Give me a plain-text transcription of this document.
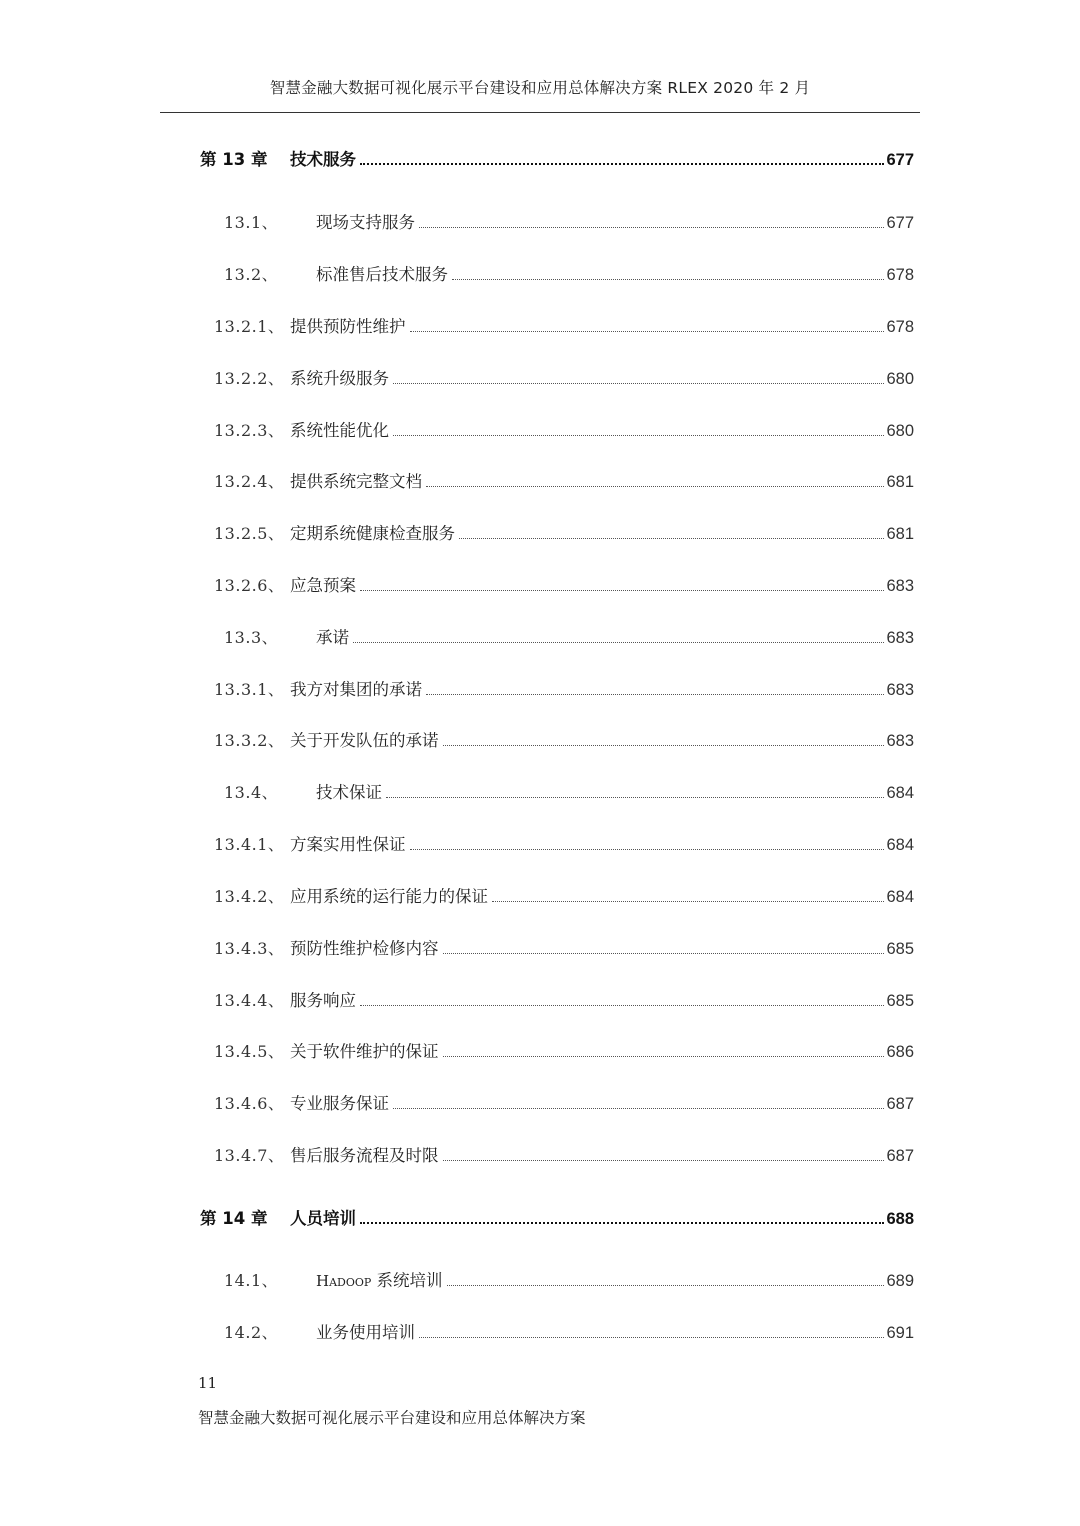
智慧金融大数据可视化展示平台建设和应用总体解决方案 RLEX 2020 年 2 月
第 13 章	技术服务	677
13.1、	现场支持服务	677
13.2、	标准售后技术服务	678
13.2.1、 提供预防性维护	678
13.2.2、 系统升级服务	680
13.2.3、 系统性能优化	680
13.2.4、 提供系统完整文档	681
13.2.5、 定期系统健康检查服务	681
13.2.6、 应急预案	683
13.3、	承诺	683
13.3.1、 我方对集团的承诺	683
13.3.2、 关于开发队伍的承诺	683
13.4、	技术保证	684
13.4.1、 方案实用性保证	684
13.4.2、 应用系统的运行能力的保证	684
13.4.3、 预防性维护检修内容	685
13.4.4、 服务响应	685
13.4.5、 关于软件维护的保证	686
13.4.6、 专业服务保证	687
13.4.7、 售后服务流程及时限	687
第 14 章	人员培训	688
14.1、	Hadoop 系统培训	689
14.2、	业务使用培训	691
11
智慧金融大数据可视化展示平台建设和应用总体解决方案
